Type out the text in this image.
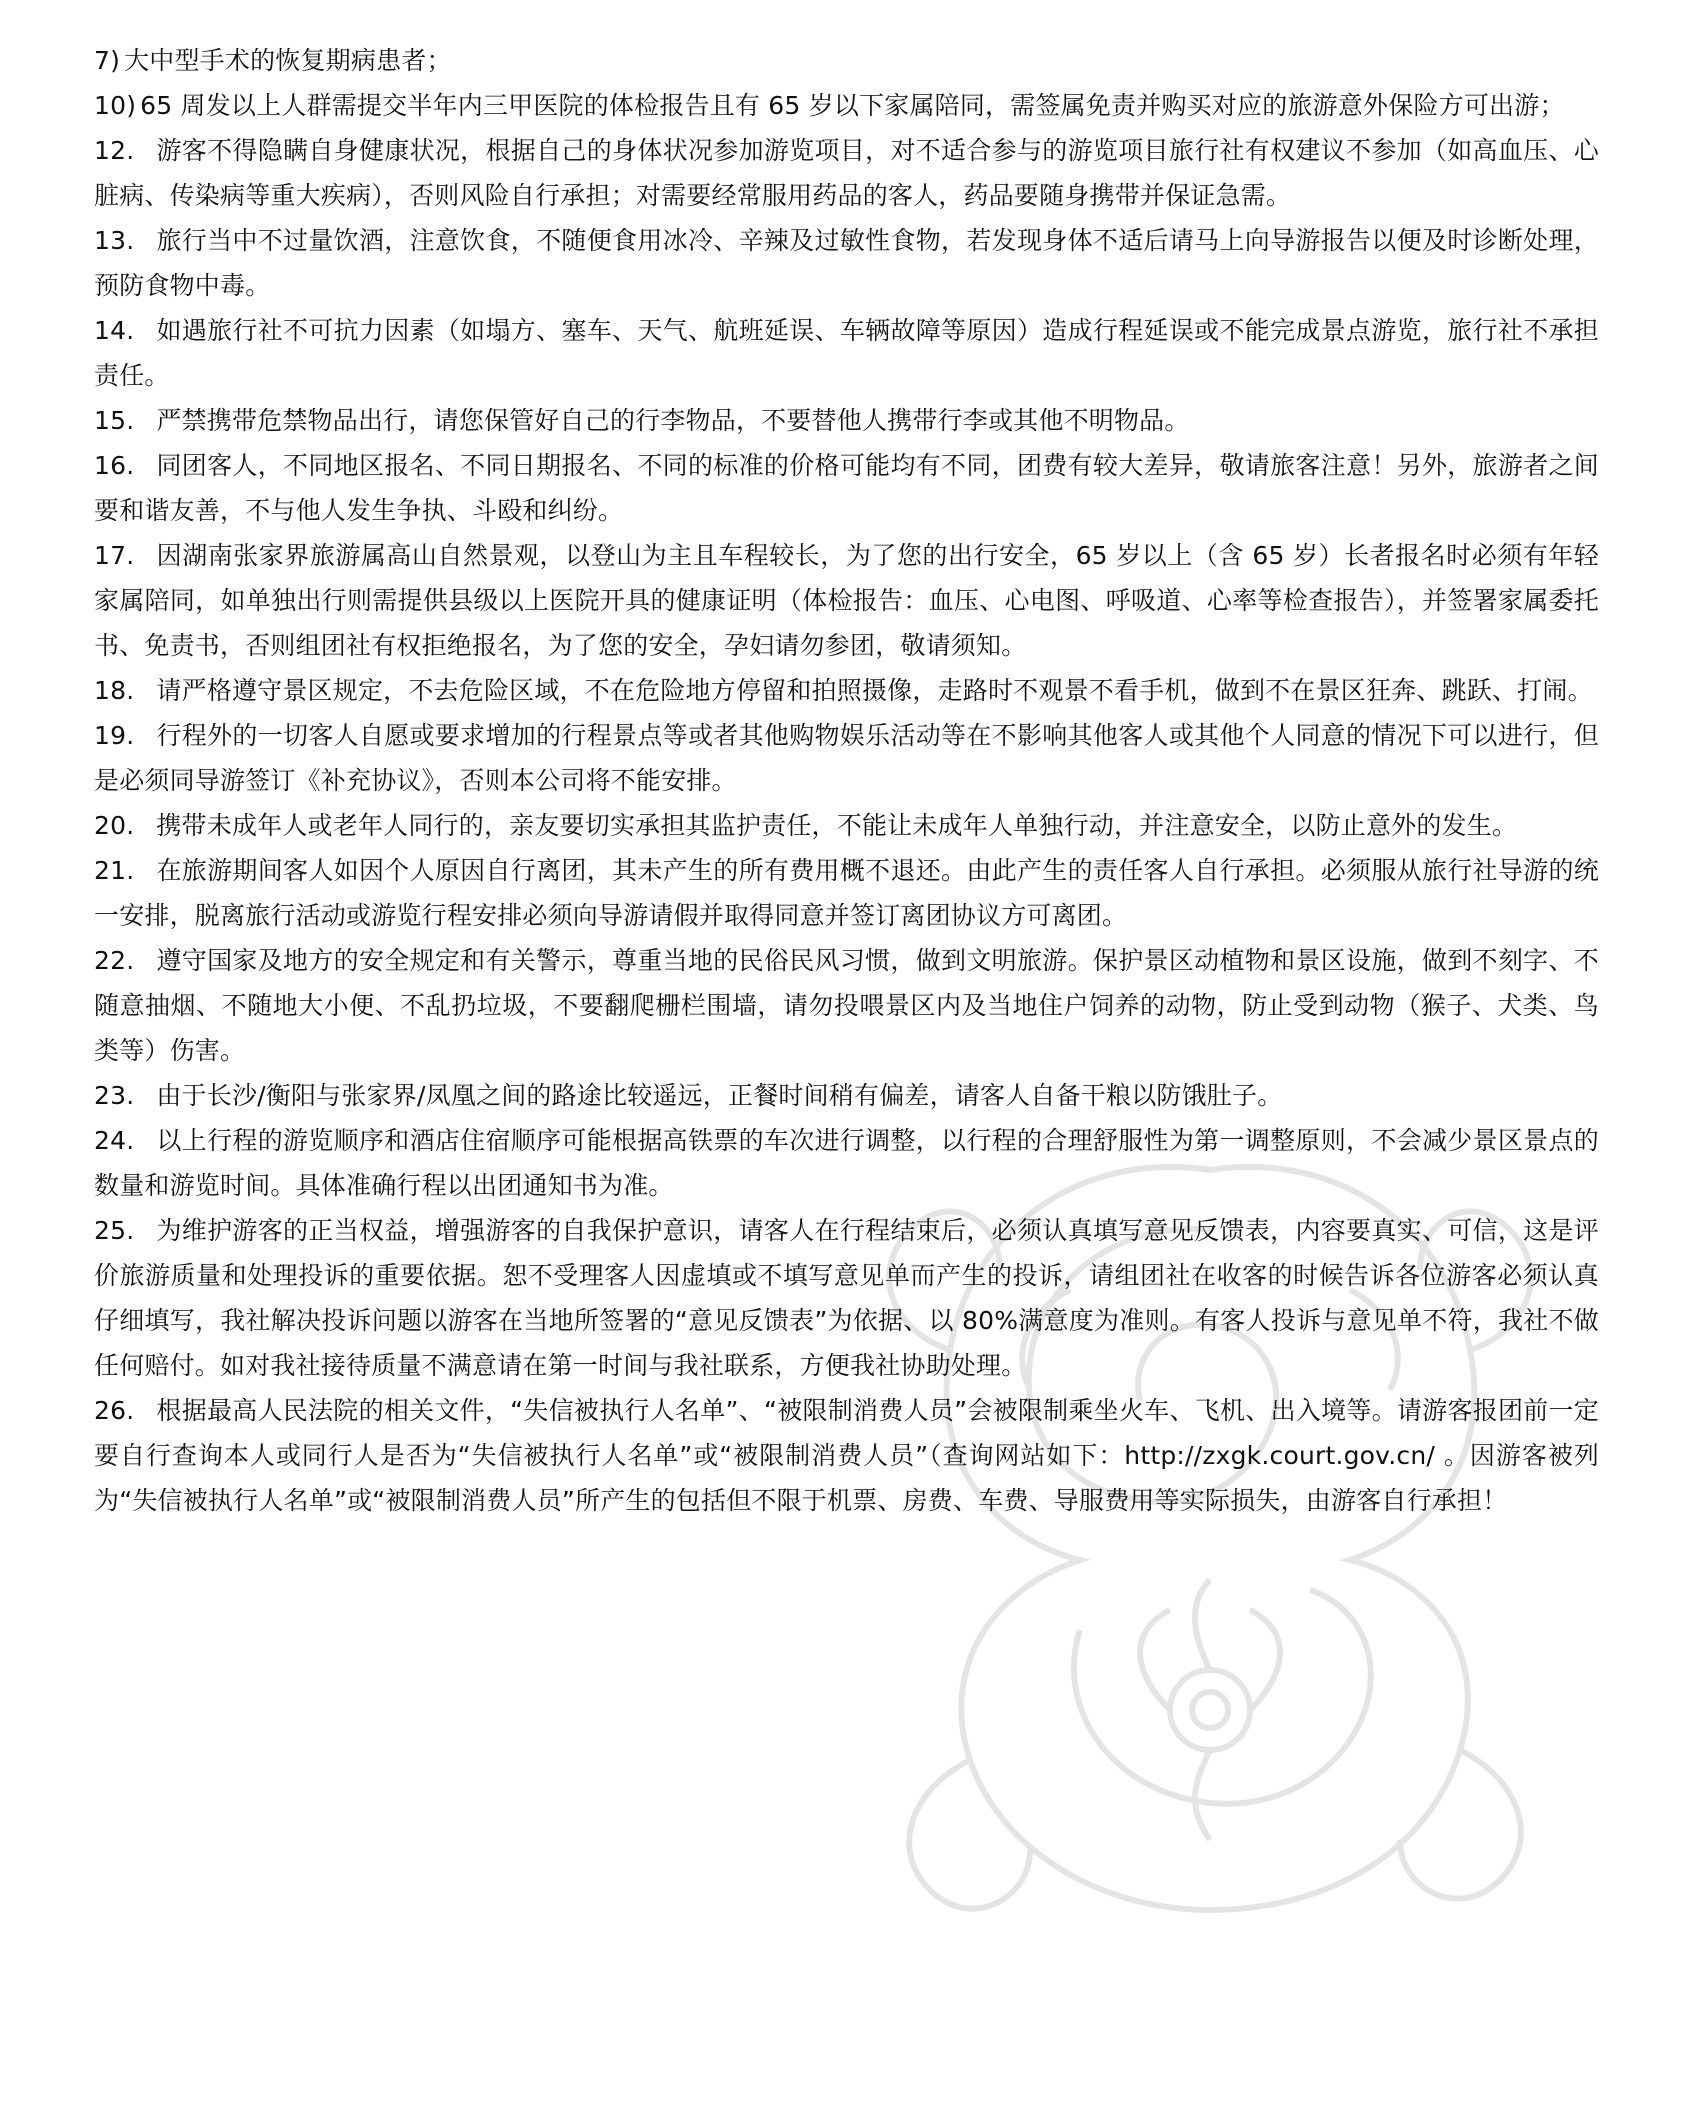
7) 大中型手术的恢复期病患者；

10) 65 周发以上人群需提交半年内三甲医院的体检报告且有 65 岁以下家属陪同，需签属免责并购买对应的旅游意外保险方可出游；

12. 游客不得隐瞒自身健康状况，根据自己的身体状况参加游览项目，对不适合参与的游览项目旅行社有权建议不参加（如高血压、心脏病、传染病等重大疾病），否则风险自行承担；对需要经常服用药品的客人，药品要随身携带并保证急需。

13. 旅行当中不过量饮酒，注意饮食，不随便食用冰冷、辛辣及过敏性食物，若发现身体不适后请马上向导游报告以便及时诊断处理，预防食物中毒。

14. 如遇旅行社不可抗力因素（如塌方、塞车、天气、航班延误、车辆故障等原因）造成行程延误或不能完成景点游览，旅行社不承担责任。

15. 严禁携带危禁物品出行，请您保管好自己的行李物品，不要替他人携带行李或其他不明物品。

16. 同团客人，不同地区报名、不同日期报名、不同的标准的价格可能均有不同，团费有较大差异，敬请旅客注意！另外，旅游者之间要和谐友善，不与他人发生争执、斗殴和纠纷。

17. 因湖南张家界旅游属高山自然景观，以登山为主且车程较长，为了您的出行安全，65 岁以上（含 65 岁）长者报名时必须有年轻家属陪同，如单独出行则需提供县级以上医院开具的健康证明（体检报告：血压、心电图、呼吸道、心率等检查报告），并签署家属委托书、免责书，否则组团社有权拒绝报名，为了您的安全，孕妇请勿参团，敬请须知。

18. 请严格遵守景区规定，不去危险区域，不在危险地方停留和拍照摄像，走路时不观景不看手机，做到不在景区狂奔、跳跃、打闹。

19. 行程外的一切客人自愿或要求增加的行程景点等或者其他购物娱乐活动等在不影响其他客人或其他个人同意的情况下可以进行，但是必须同导游签订《补充协议》，否则本公司将不能安排。

20. 携带未成年人或老年人同行的，亲友要切实承担其监护责任，不能让未成年人单独行动，并注意安全，以防止意外的发生。

21. 在旅游期间客人如因个人原因自行离团，其未产生的所有费用概不退还。由此产生的责任客人自行承担。必须服从旅行社导游的统一安排，脱离旅行活动或游览行程安排必须向导游请假并取得同意并签订离团协议方可离团。

22. 遵守国家及地方的安全规定和有关警示，尊重当地的民俗民风习惯，做到文明旅游。保护景区动植物和景区设施，做到不刻字、不随意抽烟、不随地大小便、不乱扔垃圾，不要翻爬栅栏围墙，请勿投喂景区内及当地住户饲养的动物，防止受到动物（猴子、犬类、鸟类等）伤害。

23. 由于长沙/衡阳与张家界/凤凰之间的路途比较遥远，正餐时间稍有偏差，请客人自备干粮以防饿肚子。

24. 以上行程的游览顺序和酒店住宿顺序可能根据高铁票的车次进行调整，以行程的合理舒服性为第一调整原则，不会减少景区景点的数量和游览时间。具体准确行程以出团通知书为准。

25. 为维护游客的正当权益，增强游客的自我保护意识，请客人在行程结束后，必须认真填写意见反馈表，内容要真实、可信，这是评价旅游质量和处理投诉的重要依据。恕不受理客人因虚填或不填写意见单而产生的投诉，请组团社在收客的时候告诉各位游客必须认真仔细填写，我社解决投诉问题以游客在当地所签署的“意见反馈表”为依据、以 80%满意度为准则。有客人投诉与意见单不符，我社不做任何赔付。如对我社接待质量不满意请在第一时间与我社联系，方便我社协助处理。

26. 根据最高人民法院的相关文件，“失信被执行人名单”、“被限制消费人员”会被限制乘坐火车、飞机、出入境等。请游客报团前一定要自行查询本人或同行人是否为“失信被执行人名单”或“被限制消费人员”（查询网站如下：http://zxgk.court.gov.cn/ 。因游客被列为“失信被执行人名单”或“被限制消费人员”所产生的包括但不限于机票、房费、车费、导服费用等实际损失，由游客自行承担！
